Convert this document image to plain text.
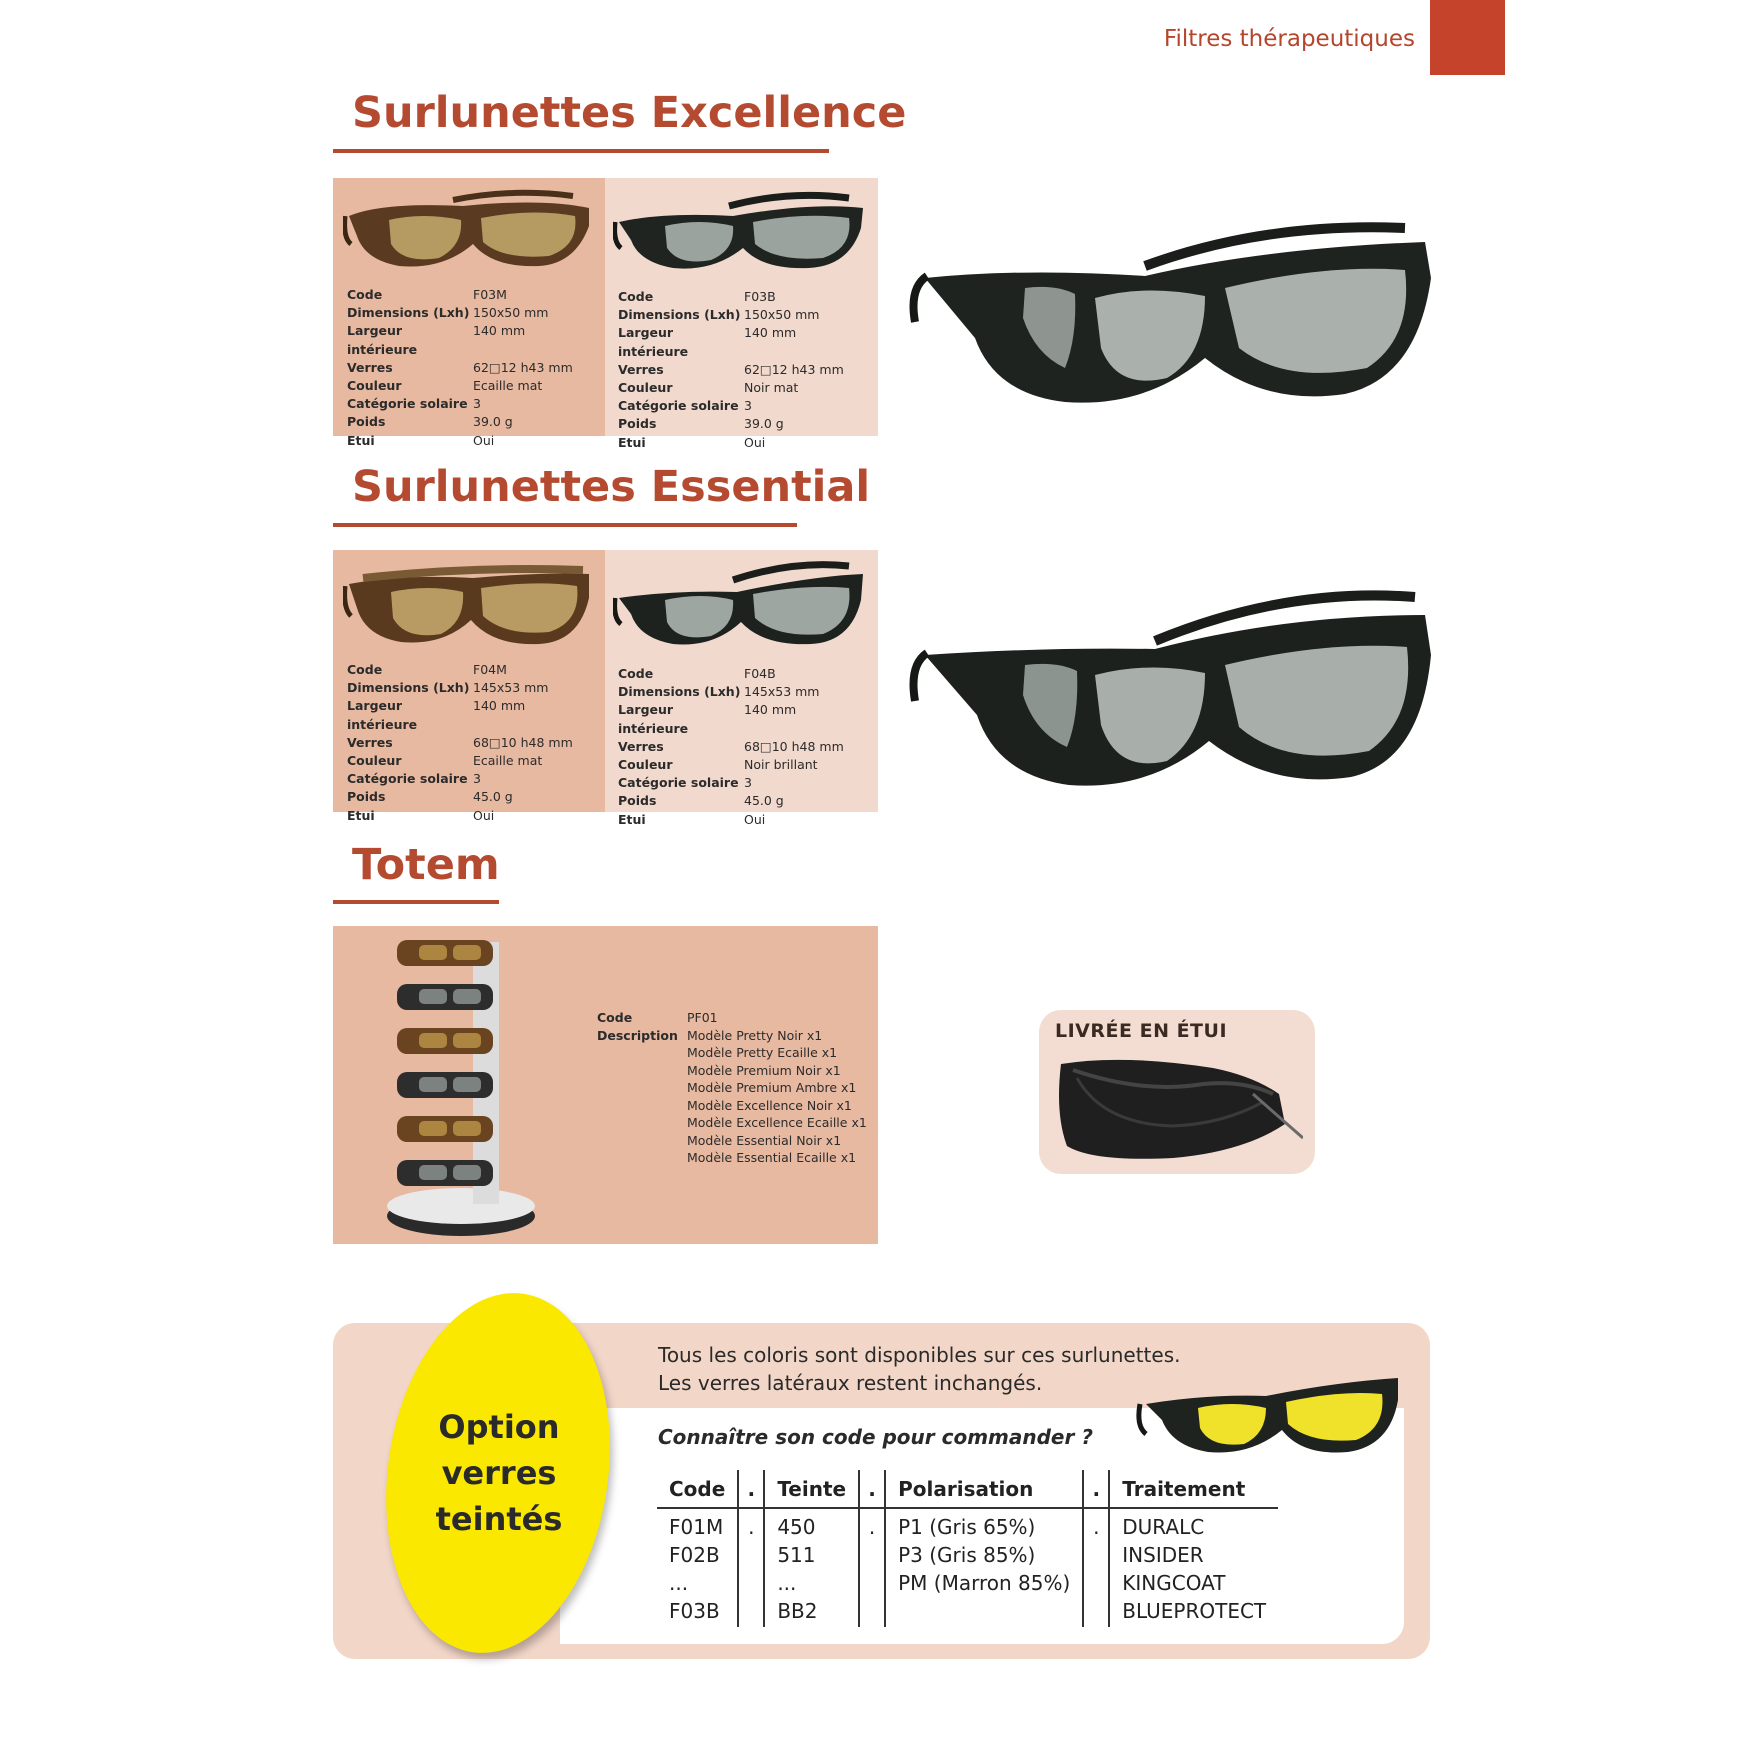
Filtres thérapeutiques
Surlunettes Excellence
Code	F03M
Dimensions (Lxh) 150x50 mm
Largeur intérieure
140 mm
Verres	62□12 h43 mm
Couleur	Ecaille mat
Catégorie solaire 3
Poids	39.0 g
Etui	Oui
Code	F03B
Dimensions (Lxh) 150x50 mm
Largeur intérieure
140 mm
Verres	62□12 h43 mm
Couleur	Noir mat
Catégorie solaire 3
Poids	39.0 g
Etui	Oui
Surlunettes Essential
Code	F04M
Dimensions (Lxh) 145x53 mm
Largeur intérieure
140 mm
Verres	68□10 h48 mm
Couleur	Ecaille mat
Catégorie solaire 3
Poids	45.0 g
Etui	Oui
Code	F04B
Dimensions (Lxh) 145x53 mm
Largeur intérieure
140 mm
Verres	68□10 h48 mm
Couleur	Noir brillant
Catégorie solaire 3
Poids	45.0 g
Etui	Oui
Totem
Code	PF01
Description Modèle Pretty Noir x1
Modèle Pretty Ecaille x1
Modèle Premium Noir x1
Modèle Premium Ambre x1
Modèle Excellence Noir x1
Modèle Excellence Ecaille x1
Modèle Essential Noir x1
Modèle Essential Ecaille x1
LIVRÉE EN ÉTUI
Option
verres
teintés
Tous les coloris sont disponibles sur ces surlunettes.
Les verres latéraux restent inchangés.
Connaître son code pour commander ?
Code	.	Teinte	.	Polarisation	.	Traitement
F01M	.	450	.	P1 (Gris 65%)	.	DURALC
F02B		511		P3 (Gris 85%)		INSIDER
...		...		PM (Marron 85%)		KINGCOAT
F03B		BB2				BLUEPROTECT
